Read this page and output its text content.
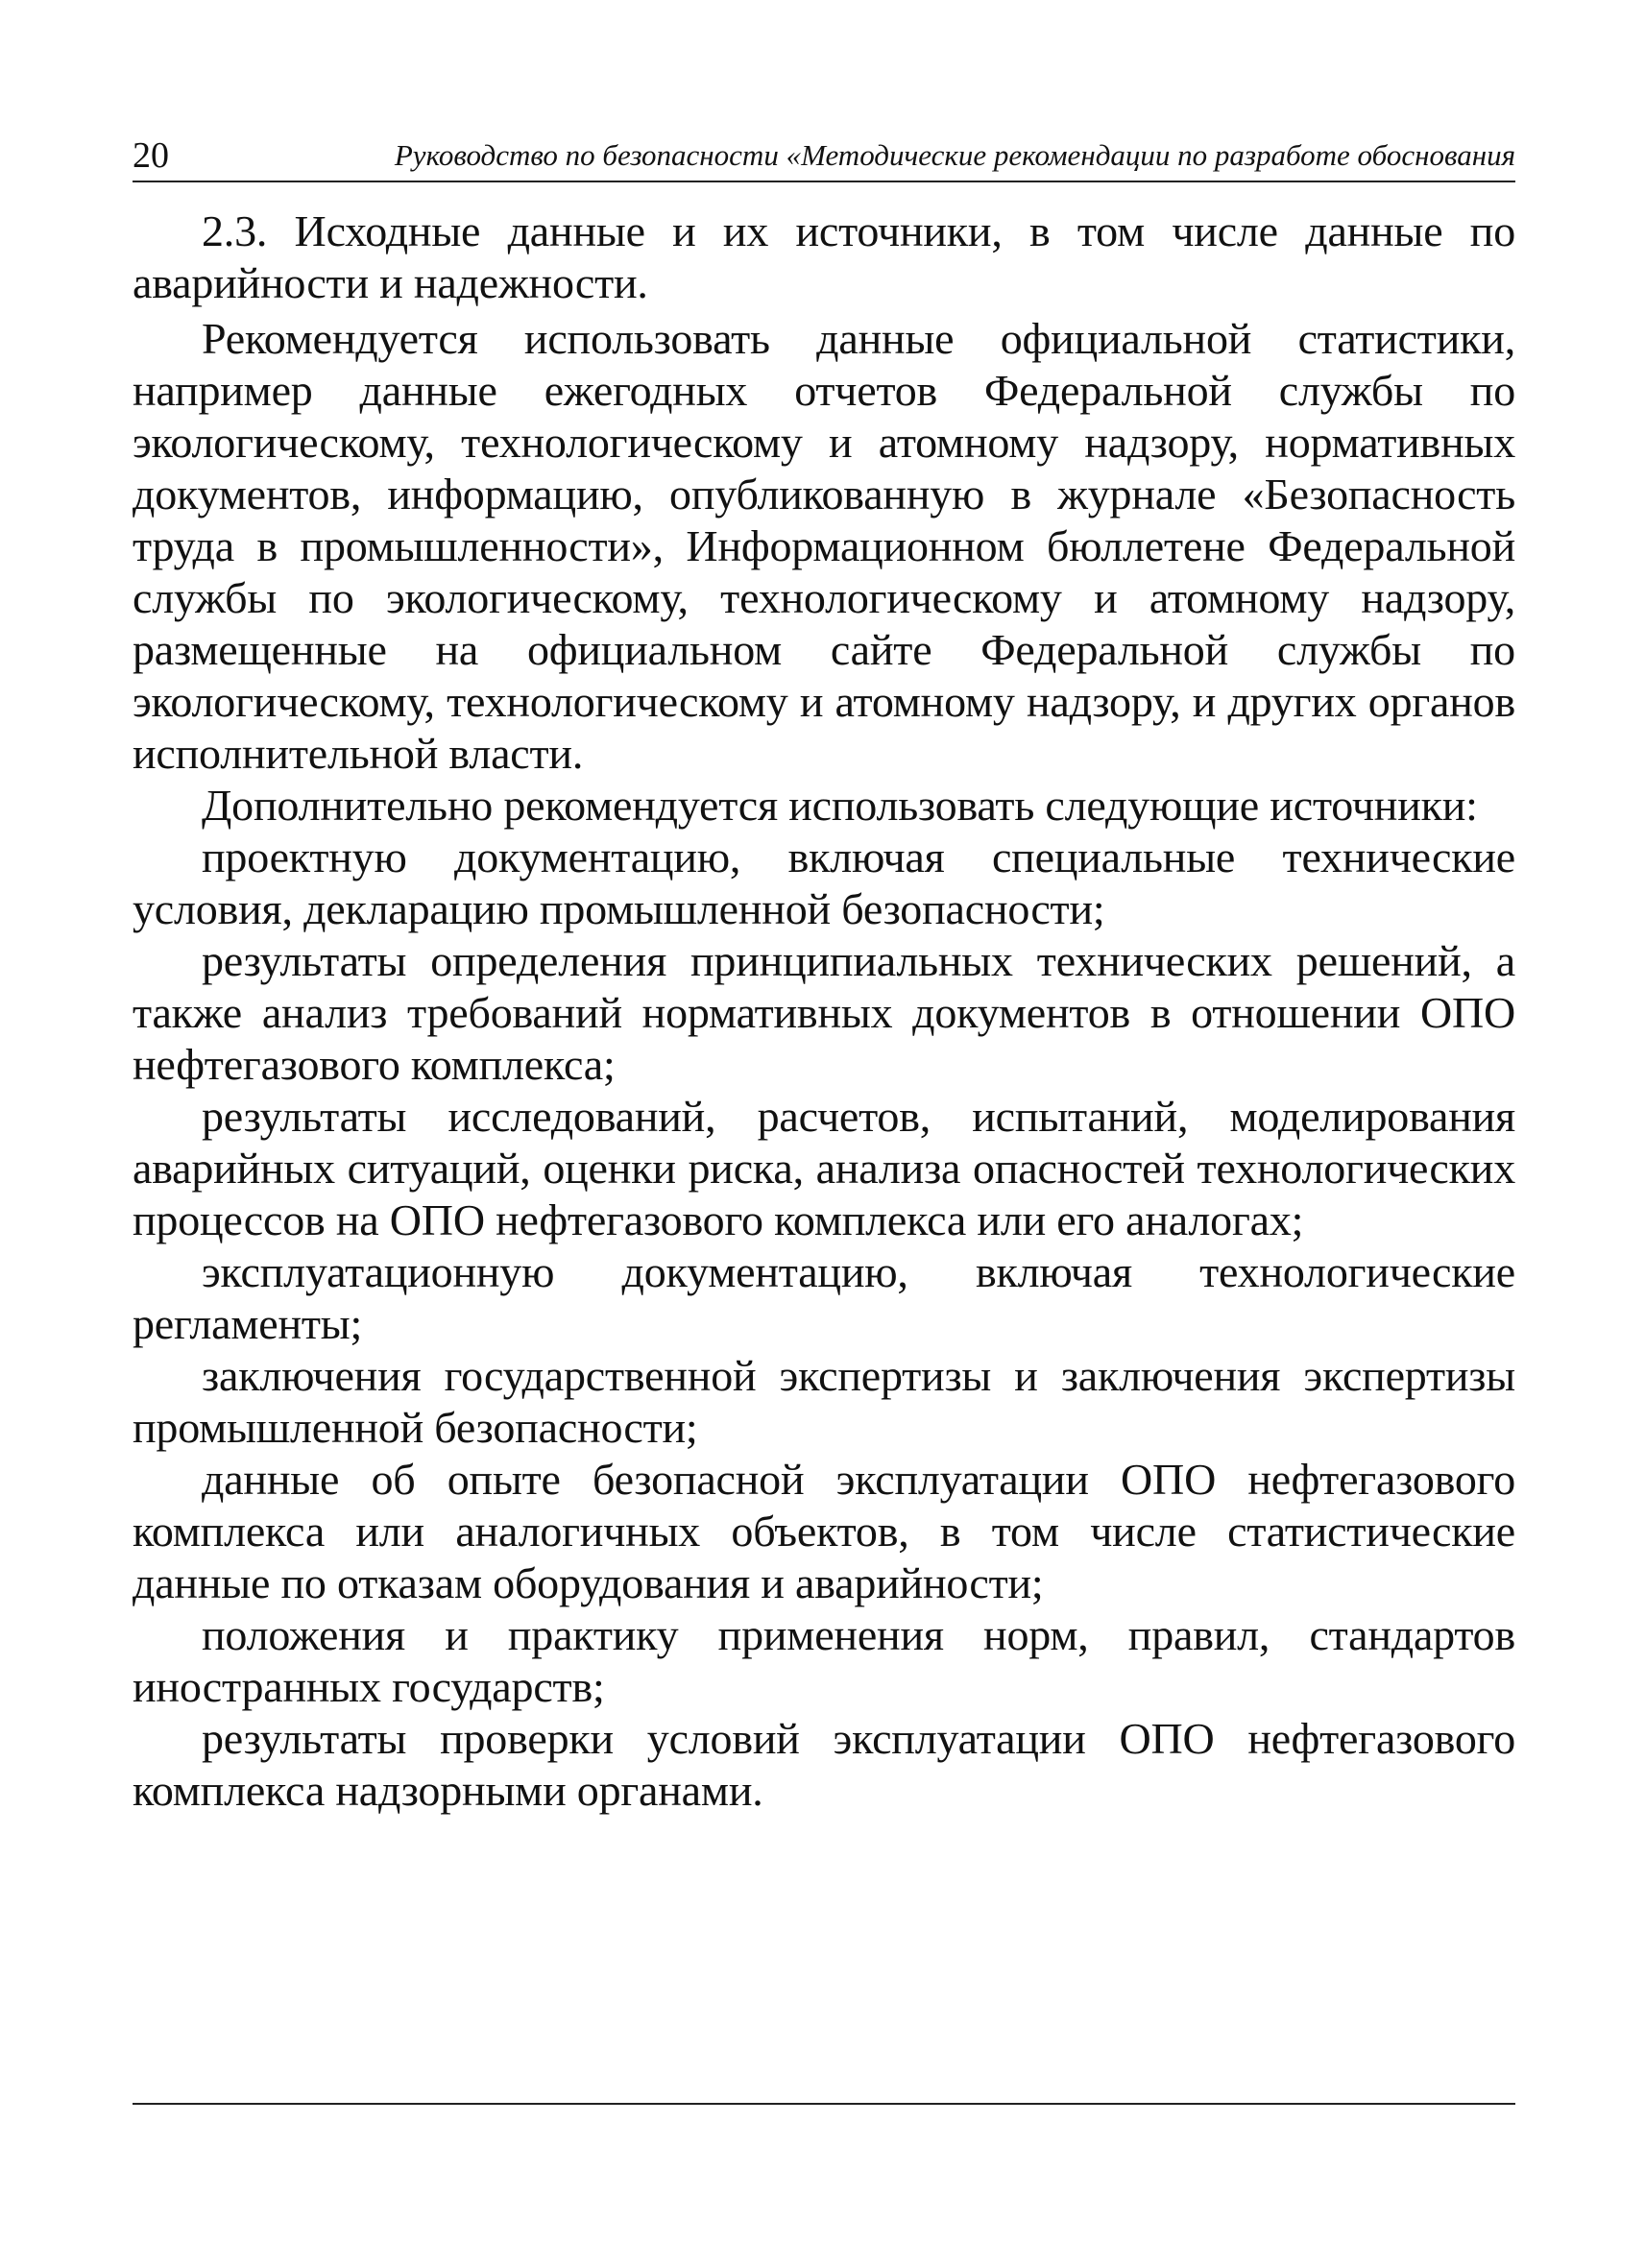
20	Руководство по безопасности «Методические рекомендации по разработе обоснования

2.3. Исходные данные и их источники, в том числе данные по аварийности и надежности.

Рекомендуется использовать данные официальной статистики, например данные ежегодных отчетов Федеральной службы по экологическому, технологическому и атомному надзору, нормативных документов, информацию, опубликованную в журнале «Безопасность труда в промышленности», Информационном бюллетене Федеральной службы по экологическому, технологическому и атомному надзору, размещенные на официальном сайте Федеральной службы по экологическому, технологическому и атомному надзору, и других органов исполнительной власти.

Дополнительно рекомендуется использовать следующие источники:

проектную документацию, включая специальные технические условия, декларацию промышленной безопасности;

результаты определения принципиальных технических решений, а также анализ требований нормативных документов в отношении ОПО нефтегазового комплекса;

результаты исследований, расчетов, испытаний, моделирования аварийных ситуаций, оценки риска, анализа опасностей технологических процессов на ОПО нефтегазового комплекса или его аналогах;

эксплуатационную документацию, включая технологические регламенты;

заключения государственной экспертизы и заключения экспертизы промышленной безопасности;

данные об опыте безопасной эксплуатации ОПО нефтегазового комплекса или аналогичных объектов, в том числе статистические данные по отказам оборудования и аварийности;

положения и практику применения норм, правил, стандартов иностранных государств;

результаты проверки условий эксплуатации ОПО нефтегазового комплекса надзорными органами.
